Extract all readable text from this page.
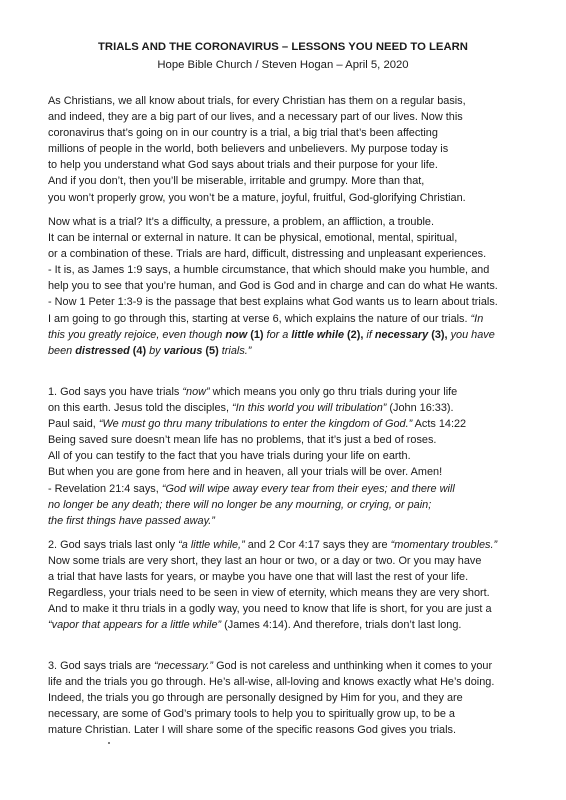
TRIALS AND THE CORONAVIRUS – LESSONS YOU NEED TO LEARN
Hope Bible Church / Steven Hogan – April 5, 2020
As Christians, we all know about trials, for every Christian has them on a regular basis,
and indeed, they are a big part of our lives, and a necessary part of our lives. Now this
coronavirus that’s going on in our country is a trial, a big trial that’s been affecting
millions of people in the world, both believers and unbelievers. My purpose today is
to help you understand what God says about trials and their purpose for your life.
And if you don’t, then you’ll be miserable, irritable and grumpy. More than that,
you won’t properly grow, you won’t be a mature, joyful, fruitful, God-glorifying Christian.
Now what is a trial? It’s a difficulty, a pressure, a problem, an affliction, a trouble.
It can be internal or external in nature. It can be physical, emotional, mental, spiritual,
or a combination of these. Trials are hard, difficult, distressing and unpleasant experiences.
- It is, as James 1:9 says, a humble circumstance, that which should make you humble, and
help you to see that you’re human, and God is God and in charge and can do what He wants.
- Now 1 Peter 1:3-9 is the passage that best explains what God wants us to learn about trials.
I am going to go through this, starting at verse 6, which explains the nature of our trials. “In
this you greatly rejoice, even though now (1) for a little while (2), if necessary (3), you have
been distressed (4) by various (5) trials.”
1. God says you have trials “now” which means you only go thru trials during your life
on this earth. Jesus told the disciples, “In this world you will tribulation” (John 16:33).
Paul said, “We must go thru many tribulations to enter the kingdom of God.” Acts 14:22
Being saved sure doesn’t mean life has no problems, that it’s just a bed of roses.
All of you can testify to the fact that you have trials during your life on earth.
But when you are gone from here and in heaven, all your trials will be over. Amen!
- Revelation 21:4 says, “God will wipe away every tear from their eyes; and there will
no longer be any death; there will no longer be any mourning, or crying, or pain;
the first things have passed away.”
2. God says trials last only “a little while,” and 2 Cor 4:17 says they are “momentary troubles.”
Now some trials are very short, they last an hour or two, or a day or two. Or you may have
a trial that have lasts for years, or maybe you have one that will last the rest of your life.
Regardless, your trials need to be seen in view of eternity, which means they are very short.
And to make it thru trials in a godly way, you need to know that life is short, for you are just a
“vapor that appears for a little while” (James 4:14). And therefore, trials don’t last long.
3. God says trials are “necessary.” God is not careless and unthinking when it comes to your
life and the trials you go through. He’s all-wise, all-loving and knows exactly what He’s doing.
Indeed, the trials you go through are personally designed by Him for you, and they are
necessary, are some of God’s primary tools to help you to spiritually grow up, to be a
mature Christian. Later I will share some of the specific reasons God gives you trials.
